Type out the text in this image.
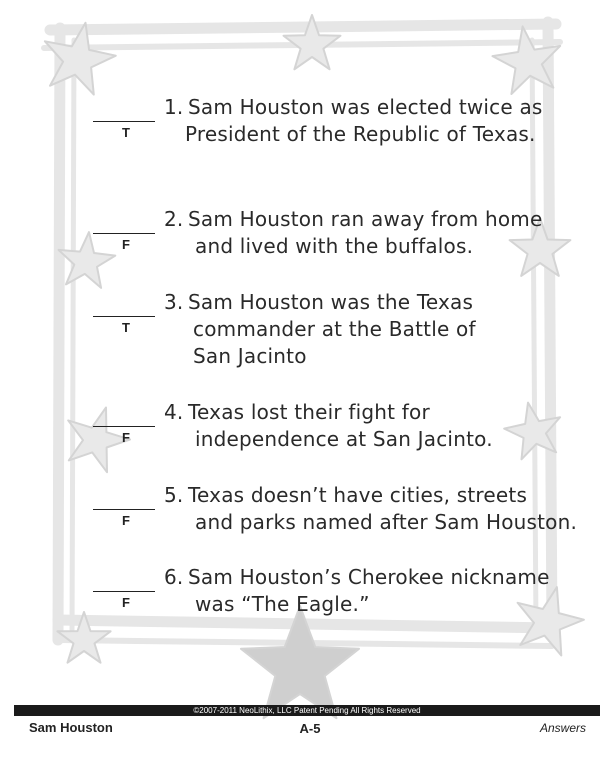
T
1. Sam Houston was elected twice as
President of the Republic of Texas.
F
2. Sam Houston ran away from home
and lived with the buffalos.
T
3. Sam Houston was the Texas
commander at the Battle of
San Jacinto
F
4. Texas lost their fight for
independence at San Jacinto.
F
5. Texas doesn’t have cities, streets
and parks named after Sam Houston.
F
6. Sam Houston’s Cherokee nickname
was “The Eagle.”
©2007-2011 NeoLithix, LLC Patent Pending All Rights Reserved
Sam Houston	A-5	Answers
